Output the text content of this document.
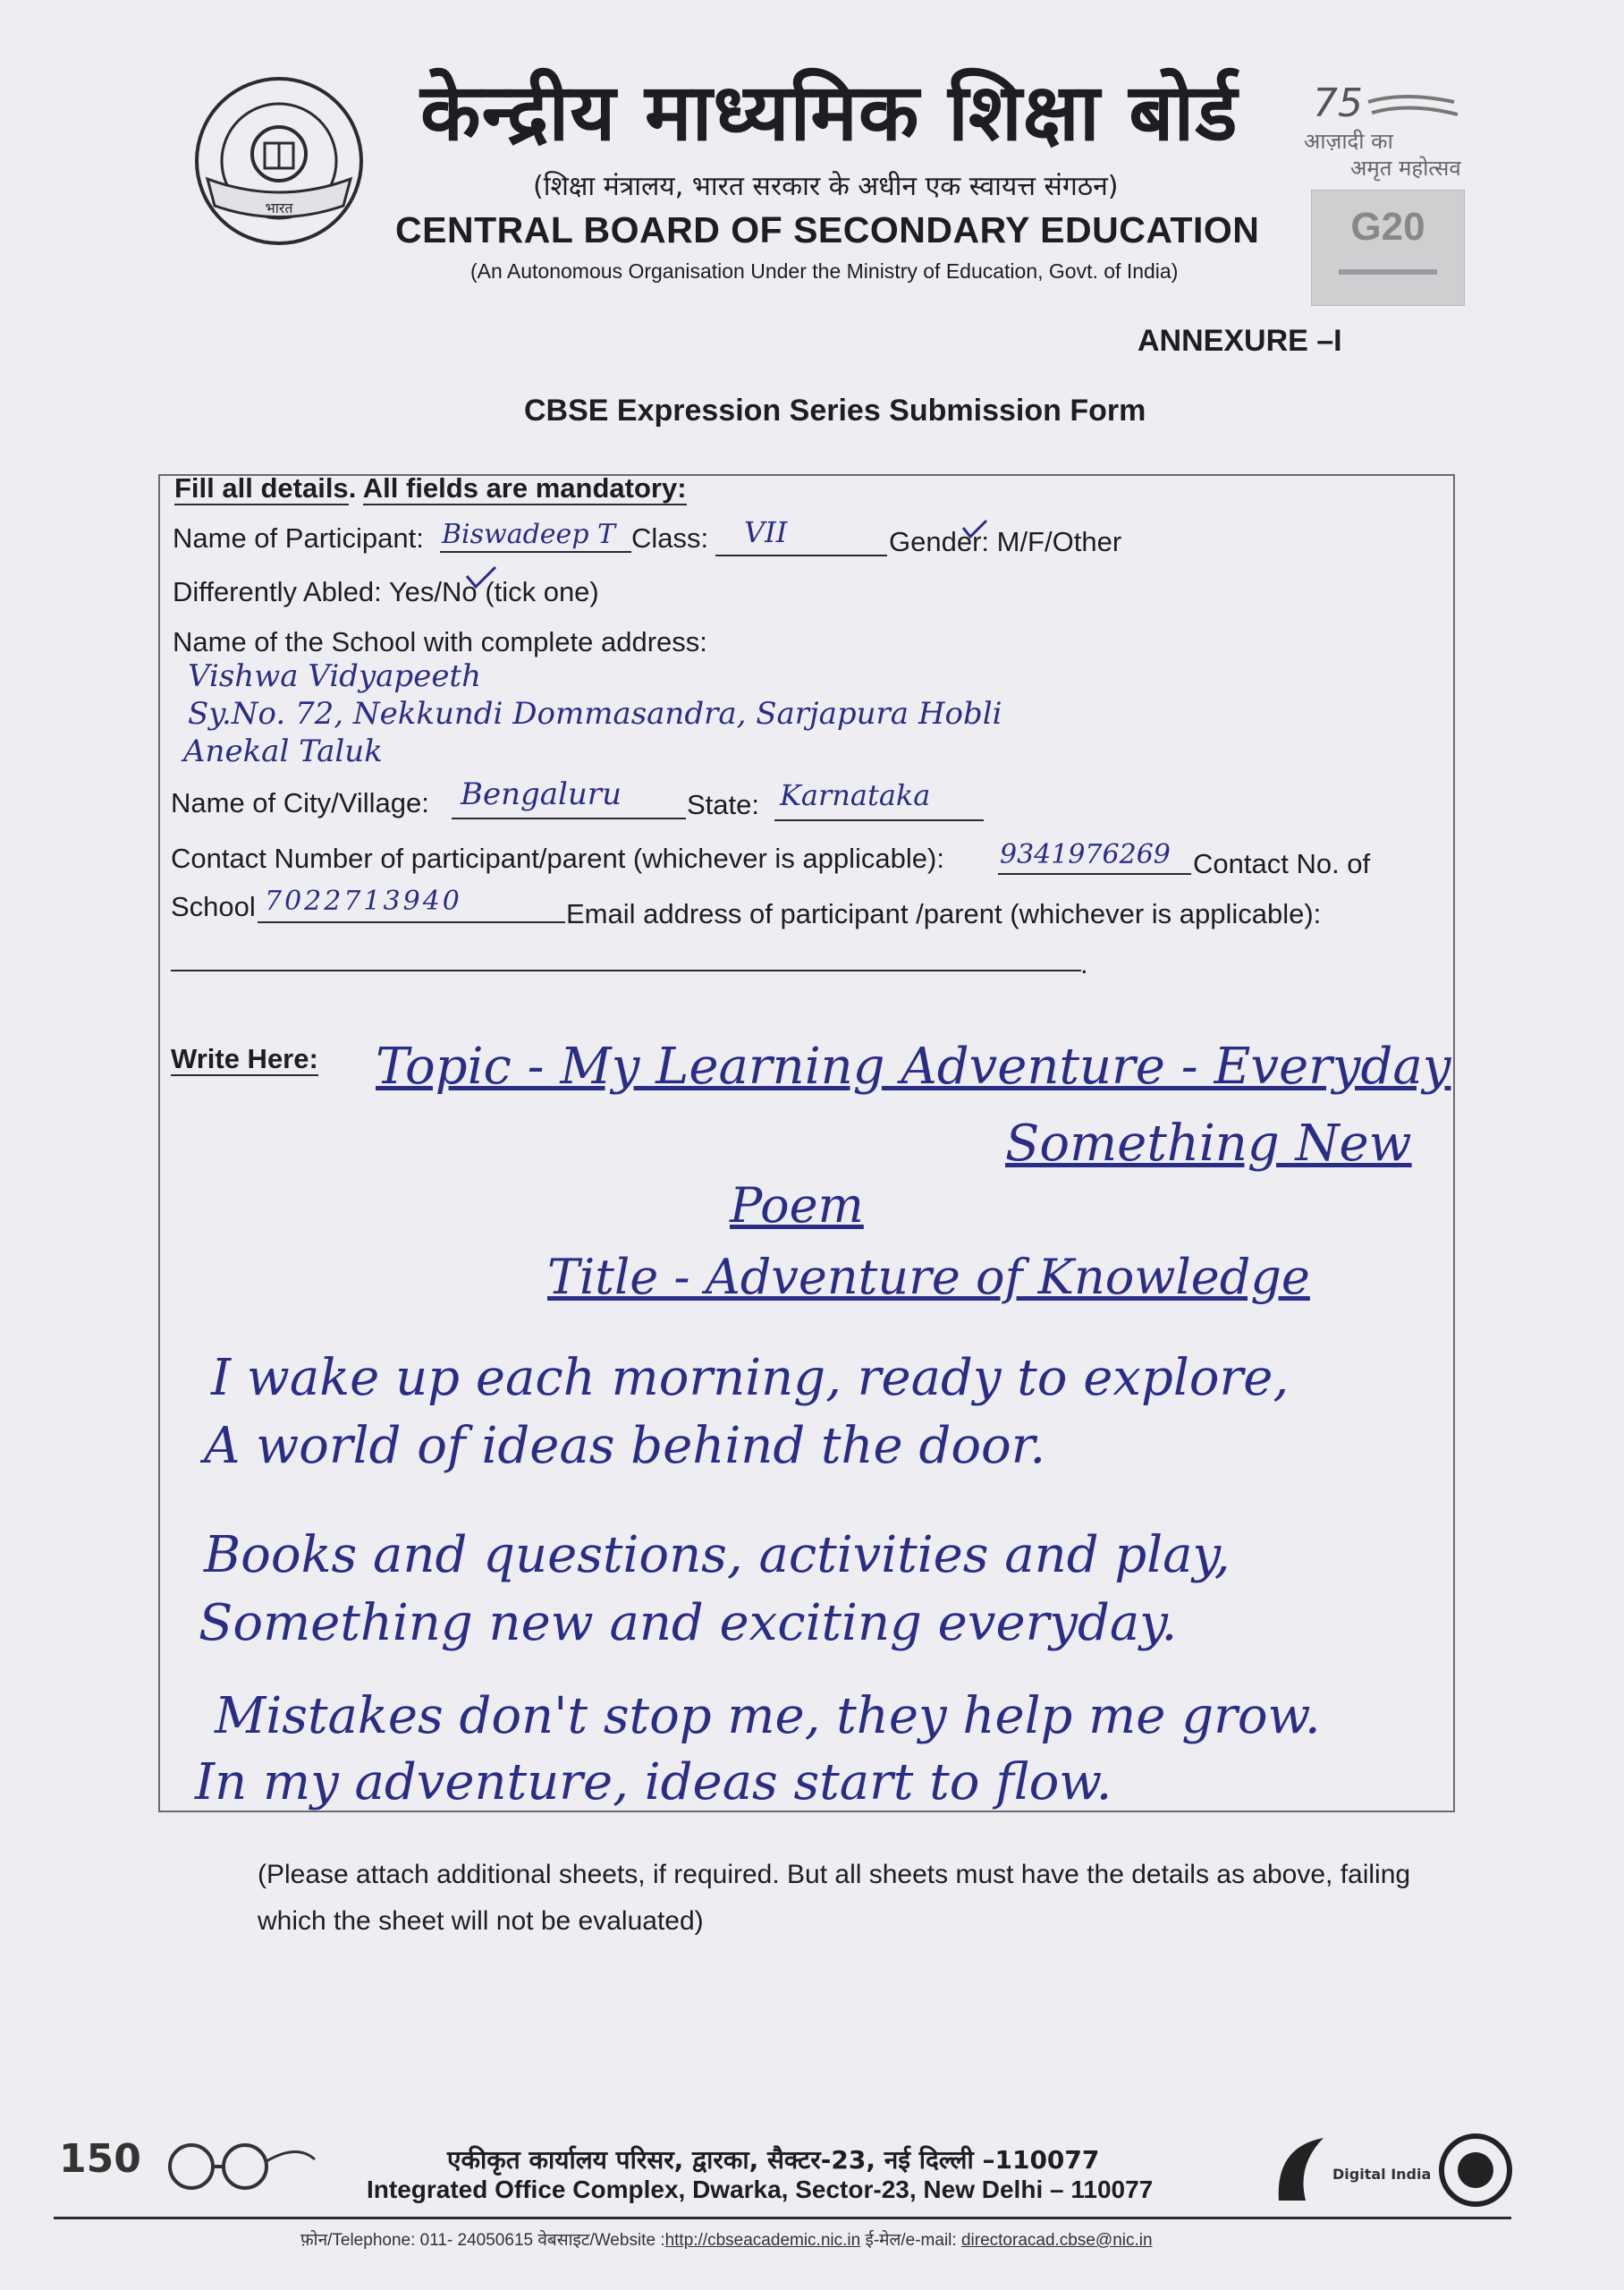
भारत
केन्द्रीय माध्यमिक शिक्षा बोर्ड
(शिक्षा मंत्रालय, भारत सरकार के अधीन एक स्वायत्त संगठन)
CENTRAL BOARD OF SECONDARY EDUCATION
(An Autonomous Organisation Under the Ministry of Education, Govt. of India)
75
आज़ादी का
अमृत महोत्सव
G20
ANNEXURE –I
CBSE Expression Series Submission Form
Fill all details. All fields are mandatory:
Name of Participant: Biswadeep T Class: VII	Gender: M/F/Other
Differently Abled: Yes/No (tick one)
Name of the School with complete address:
Vishwa Vidyapeeth
Sy.No. 72, Nekkundi Dommasandra, Sarjapura Hobli
Anekal Taluk
Name of City/Village: Bengaluru State: Karnataka
Contact Number of participant/parent (whichever is applicable): 9341976269 Contact No. of
School 7022713940	Email address of participant /parent (whichever is applicable):
.
Write Here: Topic - My Learning Adventure - Everyday
Something New
Poem
Title - Adventure of Knowledge
I wake up each morning, ready to explore,
A world of ideas behind the door.
Books and questions, activities and play,
Something new and exciting everyday.
Mistakes don't stop me, they help me grow.
In my adventure, ideas start to flow.
(Please attach additional sheets, if required. But all sheets must have the details as above, failing which the sheet will not be evaluated)
150	एकीकृत कार्यालय परिसर, द्वारका, सैक्टर-23, नई दिल्ली –110077
Integrated Office Complex, Dwarka, Sector-23, New Delhi – 110077
Digital India
फ़ोन/Telephone: 011- 24050615 वेबसाइट/Website :http://cbseacademic.nic.in ई-मेल/e-mail: directoracad.cbse@nic.in
